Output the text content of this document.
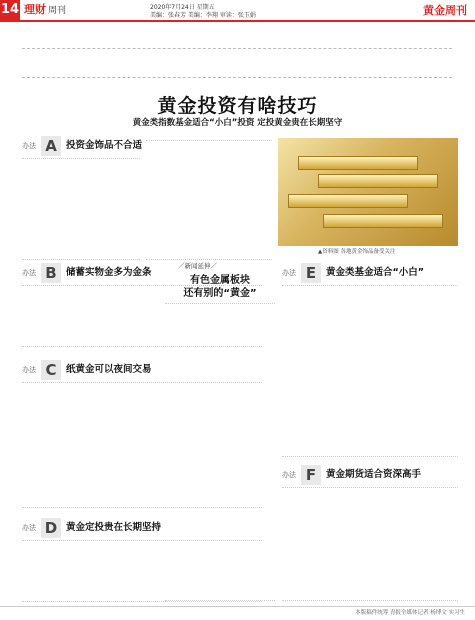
14 理财 周刊	2020年7月24日 星期五
美编：张春芳 美编：李翔 审读：张玉娟	黄金周刊
黄金投资有啥技巧
黄金类指数基金适合“小白”投资 定投黄金贵在长期坚守
办法 A 投资金饰品不合适
▲资料图 各地黄金饰品备受关注
办法 B 储蓄实物金多为金条
办法 C	纸黄金可以夜间交易
办法 D 黄金定投贵在长期坚持
／新闻延伸／
有色金属板块
还有别的“黄金”
办法 E	黄金类基金适合“小白”
办法 F	黄金期货适合资深高手
本版稿件统筹 青报全媒体记者 杨博文 实习生
